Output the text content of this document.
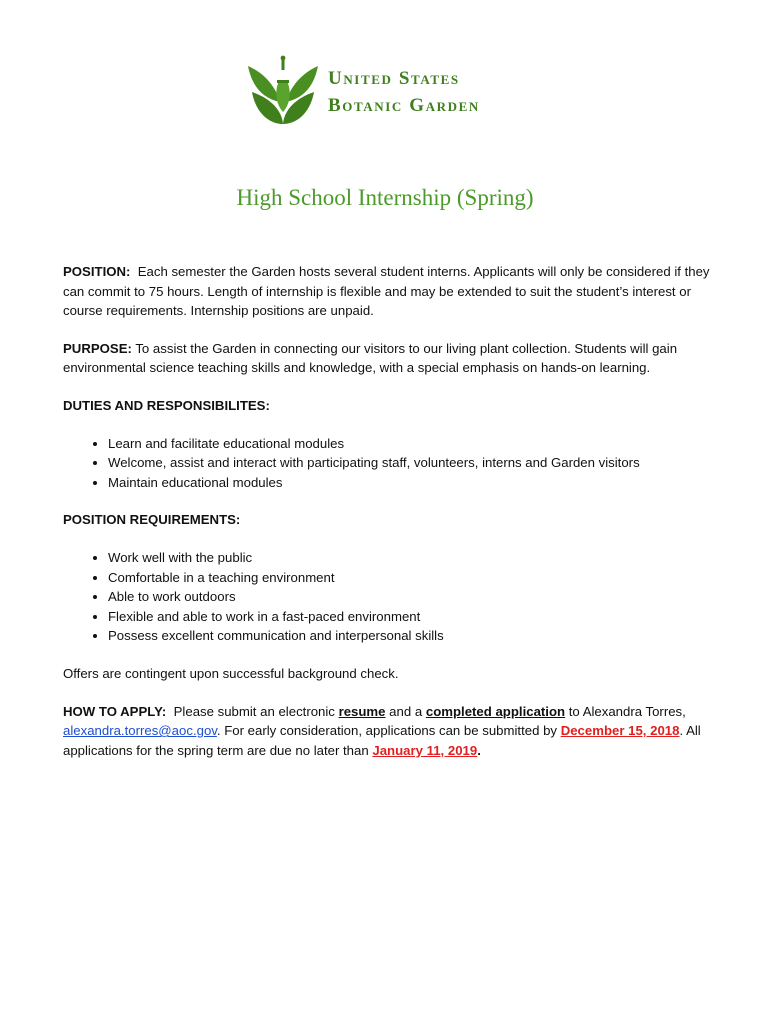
United States
Botanic Garden
High School Internship (Spring)

POSITION: Each semester the Garden hosts several student interns. Applicants will only be considered if they can commit to 75 hours. Length of internship is flexible and may be extended to suit the student’s interest or course requirements. Internship positions are unpaid.

PURPOSE: To assist the Garden in connecting our visitors to our living plant collection. Students will gain environmental science teaching skills and knowledge, with a special emphasis on hands-on learning.

DUTIES AND RESPONSIBILITES:
• Learn and facilitate educational modules
• Welcome, assist and interact with participating staff, volunteers, interns and Garden visitors
• Maintain educational modules
POSITION REQUIREMENTS:
• Work well with the public
• Comfortable in a teaching environment
• Able to work outdoors
• Flexible and able to work in a fast-paced environment
• Possess excellent communication and interpersonal skills

Offers are contingent upon successful background check.

HOW TO APPLY: Please submit an electronic resume and a completed application to Alexandra Torres, alexandra.torres@aoc.gov. For early consideration, applications can be submitted by December 15, 2018. All applications for the spring term are due no later than January 11, 2019.
